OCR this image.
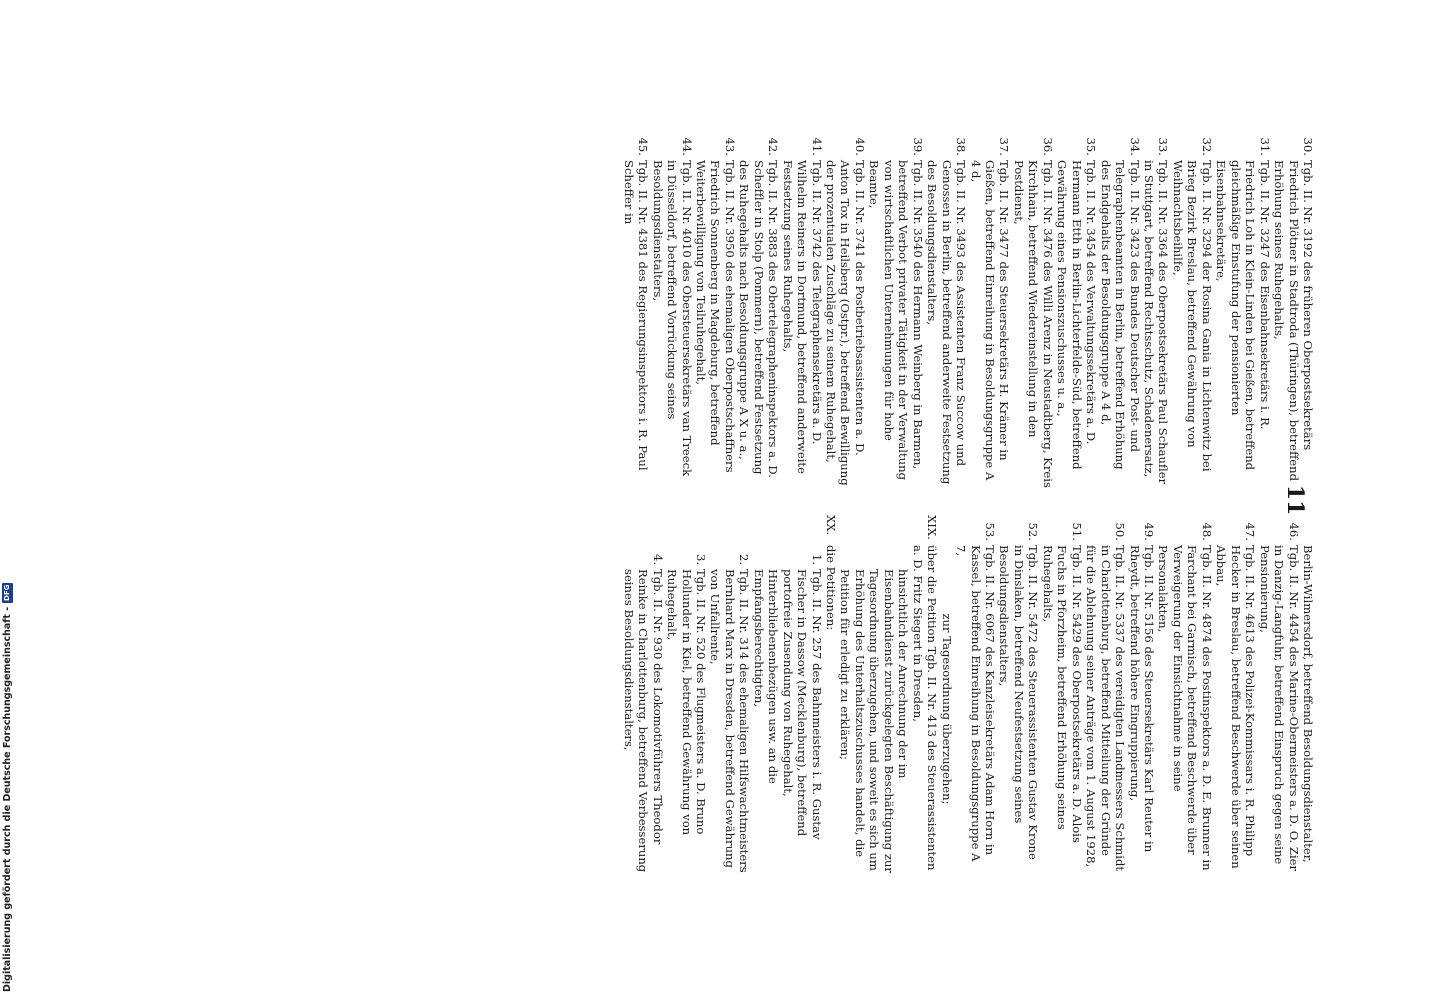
11

30.
Tgb. II. Nr. 3192 des früheren Oberpostsekretärs Friedrich Plötner in Stadtroda (Thüringen), betreffend Erhöhung seines Ruhegehalts,

31.
Tgb. II. Nr. 3247 des Eisenbahnsekretärs i. R. Friedrich Loh in Klein-Linden bei Gießen, betreffend gleichmäßige Einstufung der pensionierten Eisenbahnsekretäre,

32.
Tgb. II. Nr. 3294 der Rosina Gania in Lichtenwitz bei Brieg Bezirk Breslau, betreffend Gewährung von Weihnachtsbeihilfe,

33.
Tgb. II. Nr. 3364 des Oberpostsekretärs Paul Schaufler in Stuttgart, betreffend Rechtsschutz, Schadenersatz,

34.
Tgb. II. Nr. 3423 des Bundes Deutscher Post- und Telegraphenbeamten in Berlin, betreffend Erhöhung des Endgehalts der Besoldungsgruppe A 4 d,

35.
Tgb. II. Nr. 3454 des Verwaltungssekretärs a. D. Hermann Etth in Berlin-Lichterfelde-Süd, betreffend Gewährung eines Pensionszuschusses u. a.,

36.
Tgb. II. Nr. 3476 des Willi Arenz in Neustadtberg, Kreis Kirchhain, betreffend Wiedereinstellung in den Postdienst,

37.
Tgb. II. Nr. 3477 des Steuersekretärs H. Krämer in Gießen, betreffend Einreihung in Besoldungsgruppe A 4 d,

38.
Tgb. II. Nr. 3493 des Assistenten Franz Succow und Genossen in Berlin, betreffend anderweite Festsetzung des Besoldungsdienstalters,

39.
Tgb. II. Nr. 3540 des Hermann Weinberg in Barmen, betreffend Verbot privater Tätigkeit in der Verwaltung von wirtschaftlichen Unternehmungen für hohe Beamte,

40.
Tgb. II. Nr. 3741 des Postbetriebsassistenten a. D. Anton Tox in Heilsberg (Ostpr.), betreffend Bewilligung der prozentualen Zuschläge zu seinem Ruhegehalt,

41.
Tgb. II. Nr. 3742 des Telegraphensekretärs a. D. Wilhelm Reiners in Dortmund, betreffend anderweite Festsetzung seines Ruhegehalts,

42.
Tgb. II. Nr. 3883 des Obertelegrapheninspektors a. D. Scheffler in Stolp (Pommern), betreffend Festsetzung des Ruhegehalts nach Besoldungsgruppe A X u. a.,

43.
Tgb. II. Nr. 3950 des ehemaligen Oberpostschaffners Friedrich Sonnenberg in Magdeburg, betreffend Weiterbewilligung von Teilruhegehalt,

44.
Tgb. II. Nr. 4010 des Obersteuersekretärs van Treeck in Düsseldorf, betreffend Vorrückung seines Besoldungsdienstalters,

45.
Tgb. II. Nr. 4381 des Regierungsinspektors i. R. Paul Scheffer in

Berlin-Wilmersdorf, betreffend Besoldungsdienstalter,

46.
Tgb. II. Nr. 4454 des Marine-Obermeisters a. D. O. Zier in Danzig-Langfuhr, betreffend Einspruch gegen seine Pensionierung,

47.
Tgb. II. Nr. 4613 des Polizei-Kommissars i. R. Philipp Hecker in Breslau, betreffend Beschwerde über seinen Abbau,

48.
Tgb. II. Nr. 4874 des Postinspektors a. D. E. Brunner in Farchant bei Garmisch, betreffend Beschwerde über Verweigerung der Einsichtnahme in seine Personalakten,

49.
Tgb. II. Nr. 5156 des Steuersekretärs Karl Reuter in Rheydt, betreffend höhere Eingruppierung,

50.
Tgb. II. Nr. 5337 des vereidigten Landmessers Schmidt in Charlottenburg, betreffend Mitteilung der Gründe für die Ablehnung seiner Anträge vom 1. August 1928,

51.
Tgb. II. Nr. 5429 des Oberpostsekretärs a. D. Alois Fuchs in Pforzheim, betreffend Erhöhung seines Ruhegehalts,

52.
Tgb. II. Nr. 5472 des Steuerassistenten Gustav Krone in Dinslaken, betreffend Neufestsetzung seines Besoldungsdienstalters,

53.
Tgb. II. Nr. 6067 des Kanzleisekretärs Adam Horn in Kassel, betreffend Einreihung in Besoldungsgruppe A 7,

zur Tagesordnung überzugehen;

XIX.
über die Petition Tgb. II. Nr. 413 des Steuerassistenten a. D. Fritz Siegert in Dresden,

hinsichtlich der Anrechnung der im Eisenbahndienst zurückgelegten Beschäftigung zur Tagesordnung überzugehen, und soweit es sich um Erhöhung des Unterhaltszuschusses handelt, die Petition für erledigt zu erklären;

XX.
die Petitionen:

1.
Tgb. II. Nr. 257 des Bahnmeisters i. R. Gustav Fischer in Dassow (Mecklenburg), betreffend portofreie Zusendung von Ruhegehalt, Hinterbliebenenbezügen usw. an die Empfangsberechtigten,

2.
Tgb. II. Nr. 314 des ehemaligen Hilfswachtmeisters Bernhard Marx in Dresden, betreffend Gewährung von Unfallrente,

3.
Tgb. II. Nr. 520 des Flugmeisters a. D. Bruno Hollunder in Kiel, betreffend Gewährung von Ruhegehalt,

4.
Tgb. II. Nr. 930 des Lokomotivführers Theodor Reinke in Charlottenburg, betreffend Verbesserung seines Besoldungsdienstalters,

Digitalisierung gefördert durch die Deutsche Forschungsgemeinschaft -
DFG
